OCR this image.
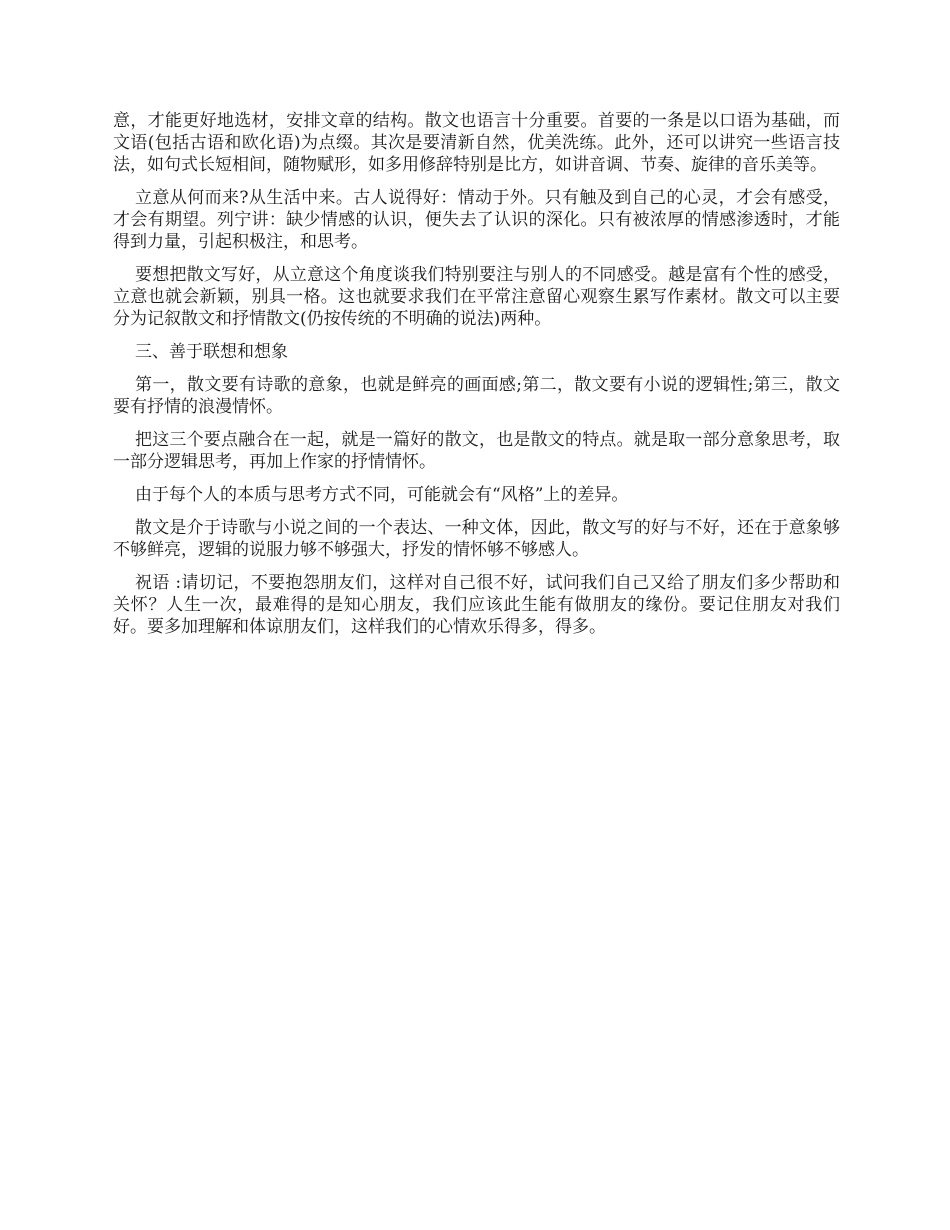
意，才能更好地选材，安排文章的结构。散文也语言十分重要。首要的一条是以口语为基础，而文语(包括古语和欧化语)为点缀。其次是要清新自然，优美洗练。此外，还可以讲究一些语言技法，如句式长短相间，随物赋形，如多用修辞特别是比方，如讲音调、节奏、旋律的音乐美等。

立意从何而来?从生活中来。古人说得好：情动于外。只有触及到自己的心灵，才会有感受，才会有期望。列宁讲：缺少情感的认识，便失去了认识的深化。只有被浓厚的情感渗透时，才能得到力量，引起积极注，和思考。

要想把散文写好，从立意这个角度谈我们特别要注与别人的不同感受。越是富有个性的感受，立意也就会新颖，别具一格。这也就要求我们在平常注意留心观察生累写作素材。散文可以主要分为记叙散文和抒情散文(仍按传统的不明确的说法)两种。

三、善于联想和想象

第一，散文要有诗歌的意象，也就是鲜亮的画面感;第二，散文要有小说的逻辑性;第三，散文要有抒情的浪漫情怀。

把这三个要点融合在一起，就是一篇好的散文，也是散文的特点。就是取一部分意象思考，取一部分逻辑思考，再加上作家的抒情情怀。

由于每个人的本质与思考方式不同，可能就会有“风格”上的差异。

散文是介于诗歌与小说之间的一个表达、一种文体，因此，散文写的好与不好，还在于意象够不够鲜亮，逻辑的说服力够不够强大，抒发的情怀够不够感人。

祝语 :请切记，不要抱怨朋友们，这样对自己很不好，试问我们自己又给了朋友们多少帮助和关怀？人生一次，最难得的是知心朋友，我们应该此生能有做朋友的缘份。要记住朋友对我们好。要多加理解和体谅朋友们，这样我们的心情欢乐得多，得多。
